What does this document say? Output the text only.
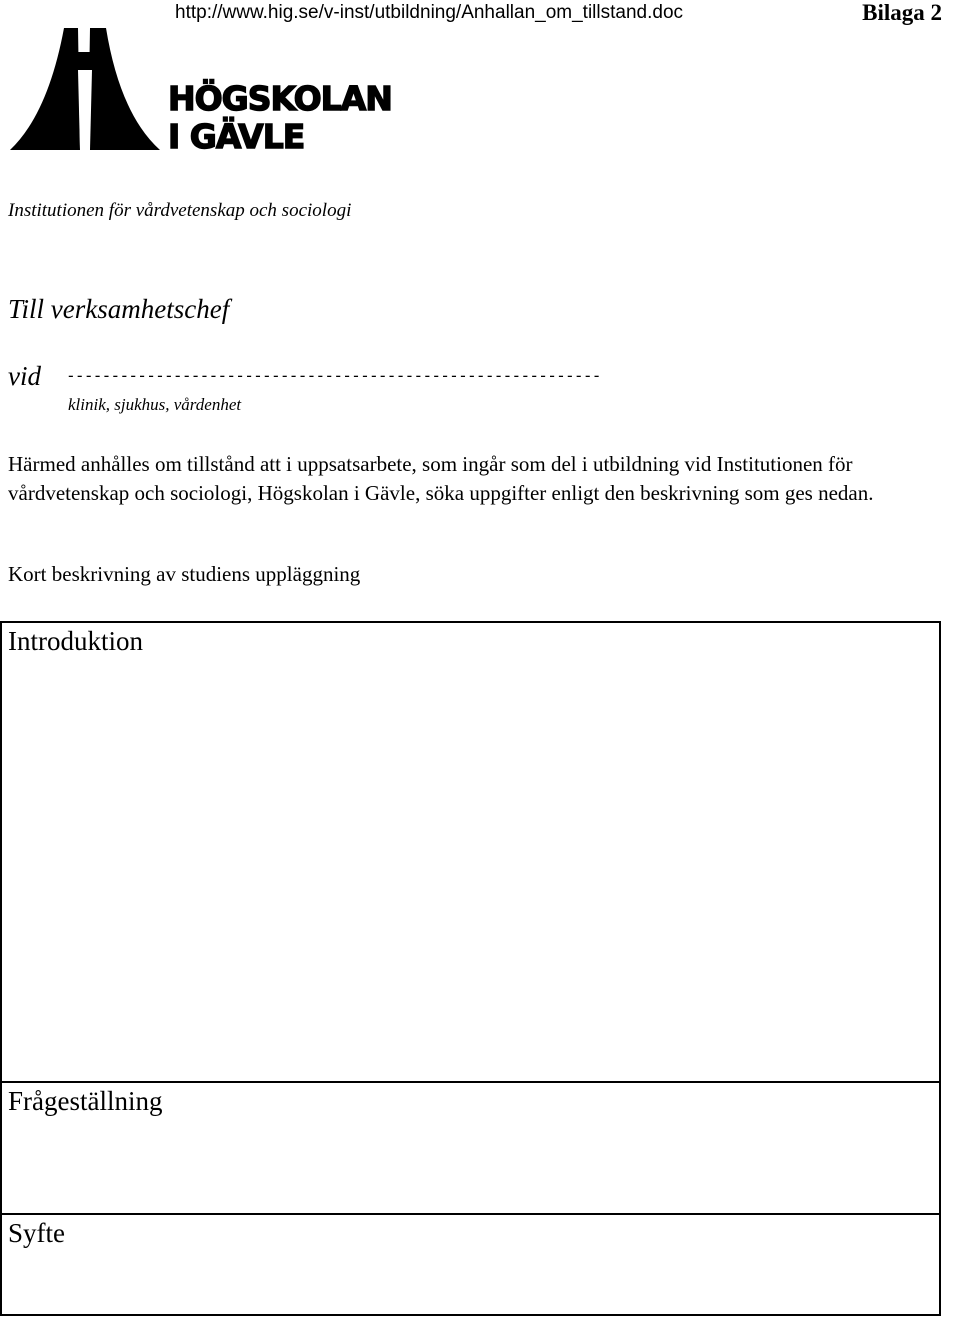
http://www.hig.se/v-inst/utbildning/Anhallan_om_tillstand.doc	Bilaga 2
HÖGSKOLAN
I GÄVLE
Institutionen för vårdvetenskap och sociologi
Till verksamhetschef
vid ------------------------------------------------------------
klinik, sjukhus, vårdenhet
Härmed anhålles om tillstånd att i uppsatsarbete, som ingår som del i utbildning vid Institutionen för vårdvetenskap och sociologi, Högskolan i Gävle, söka uppgifter enligt den beskrivning som ges nedan.
Kort beskrivning av studiens uppläggning
Introduktion
Frågeställning
Syfte
